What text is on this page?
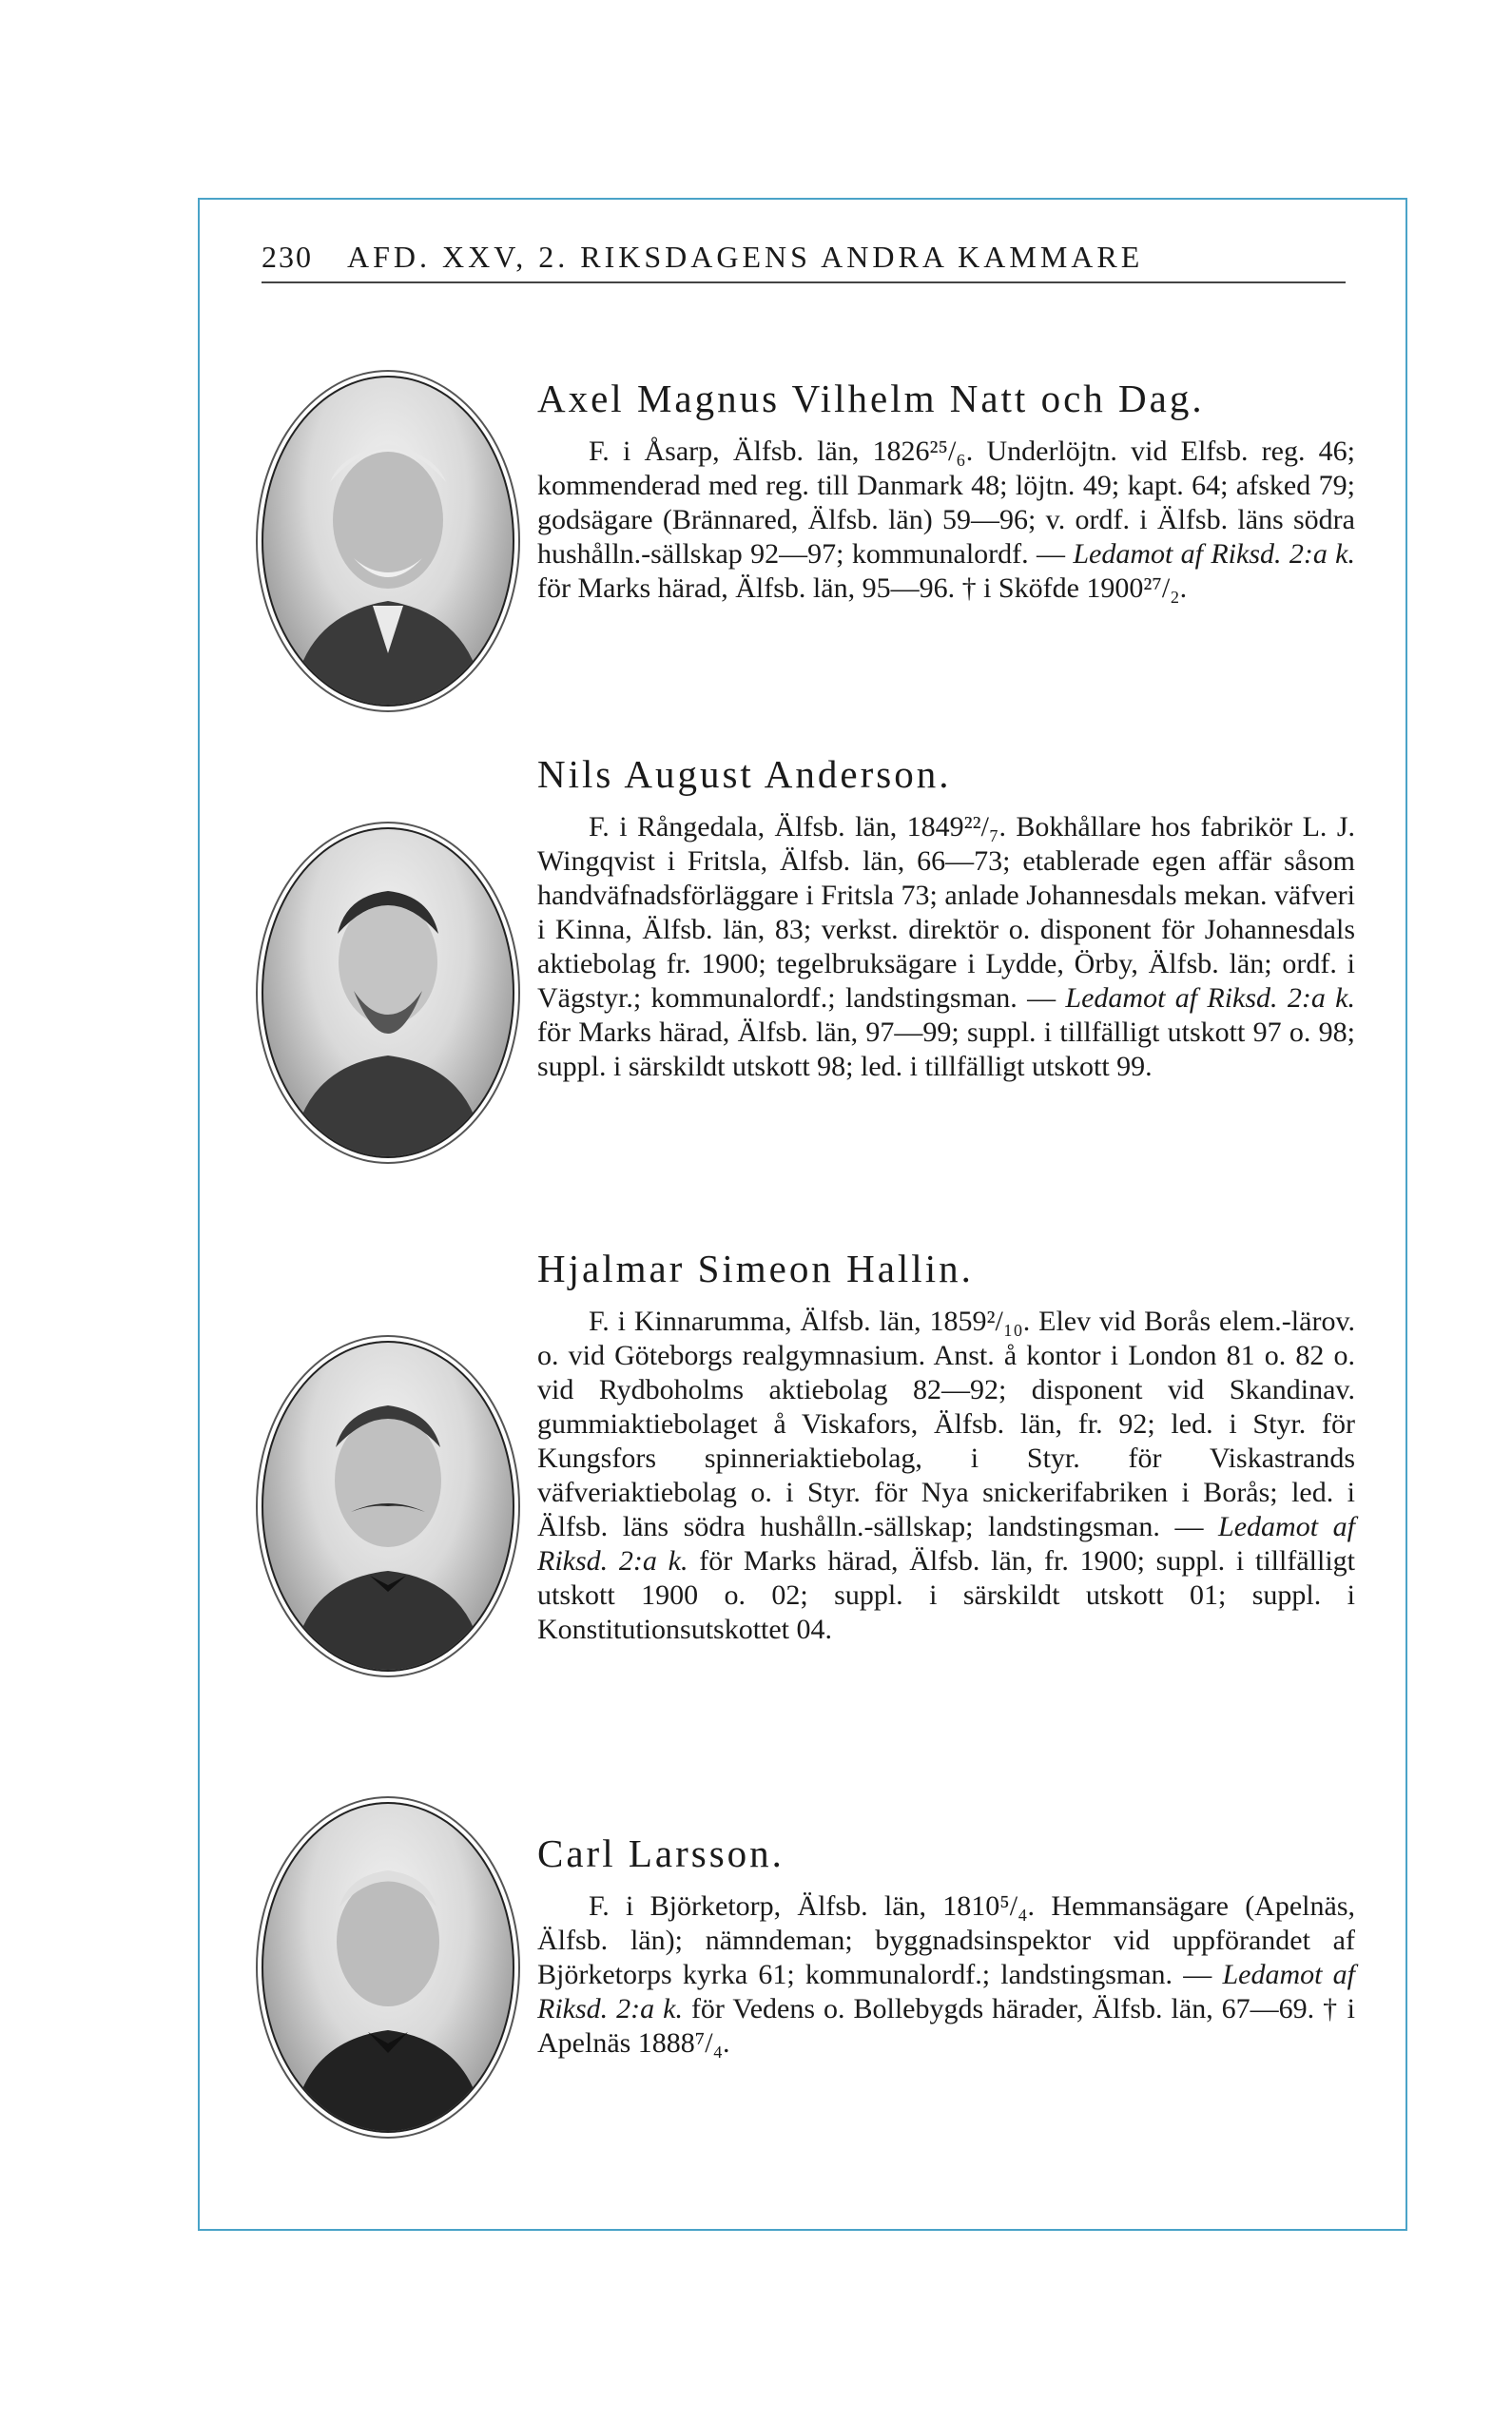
230 AFD. XXV, 2. RIKSDAGENS ANDRA KAMMARE
Axel Magnus Vilhelm Natt och Dag.

F. i Åsarp, Älfsb. län, 1826²⁵/₆. Underlöjtn. vid Elfsb. reg. 46; kommenderad med reg. till Danmark 48; löjtn. 49; kapt. 64; afsked 79; godsägare (Brännared, Älfsb. län) 59—96; v. ordf. i Älfsb. läns södra hushålln.-sällskap 92—97; kommunalordf. — Ledamot af Riksd. 2:a k. för Marks härad, Älfsb. län, 95—96. † i Sköfde 1900²⁷/₂.

Nils August Anderson.

F. i Rångedala, Älfsb. län, 1849²²/₇. Bokhållare hos fabrikör L. J. Wingqvist i Fritsla, Älfsb. län, 66—73; etablerade egen affär såsom handväfnadsförläggare i Fritsla 73; anlade Johannesdals mekan. väfveri i Kinna, Älfsb. län, 83; verkst. direktör o. disponent för Johannesdals aktiebolag fr. 1900; tegelbruksägare i Lydde, Örby, Älfsb. län; ordf. i Vägstyr.; kommunalordf.; landstingsman. — Ledamot af Riksd. 2:a k. för Marks härad, Älfsb. län, 97—99; suppl. i tillfälligt utskott 97 o. 98; suppl. i särskildt utskott 98; led. i tillfälligt utskott 99.

Hjalmar Simeon Hallin.

F. i Kinnarumma, Älfsb. län, 1859²/₁₀. Elev vid Borås elem.-lärov. o. vid Göteborgs realgymnasium. Anst. å kontor i London 81 o. 82 o. vid Rydboholms aktiebolag 82—92; disponent vid Skandinav. gummiaktiebolaget å Viskafors, Älfsb. län, fr. 92; led. i Styr. för Kungsfors spinneriaktiebolag, i Styr. för Viskastrands väfveriaktiebolag o. i Styr. för Nya snickerifabriken i Borås; led. i Älfsb. läns södra hushålln.-sällskap; landstingsman. — Ledamot af Riksd. 2:a k. för Marks härad, Älfsb. län, fr. 1900; suppl. i tillfälligt utskott 1900 o. 02; suppl. i särskildt utskott 01; suppl. i Konstitutionsutskottet 04.

Carl Larsson.

F. i Björketorp, Älfsb. län, 1810⁵/₄. Hemmansägare (Apelnäs, Älfsb. län); nämndeman; byggnadsinspektor vid uppförandet af Björketorps kyrka 61; kommunalordf.; landstingsman. — Ledamot af Riksd. 2:a k. för Vedens o. Bollebygds härader, Älfsb. län, 67—69. † i Apelnäs 1888⁷/₄.
